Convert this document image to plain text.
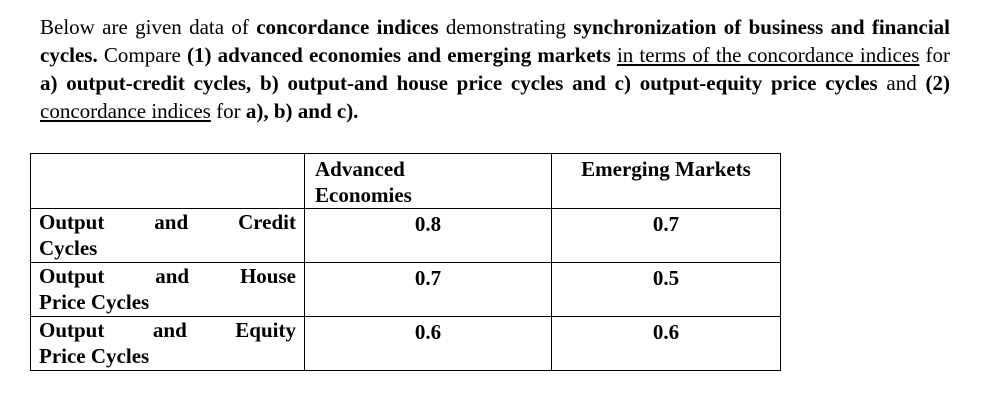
Below are given data of concordance indices demonstrating synchronization of business and financial cycles. Compare (1) advanced economies and emerging markets in terms of the concordance indices for a) output-credit cycles, b) output-and house price cycles and c) output-equity price cycles and (2) concordance indices for a), b) and c).

	Advanced
Economies	Emerging Markets

Output and Credit
Cycles	0.8	0.7

Output and House
Price Cycles	0.7	0.5

Output and Equity
Price Cycles	0.6	0.6
